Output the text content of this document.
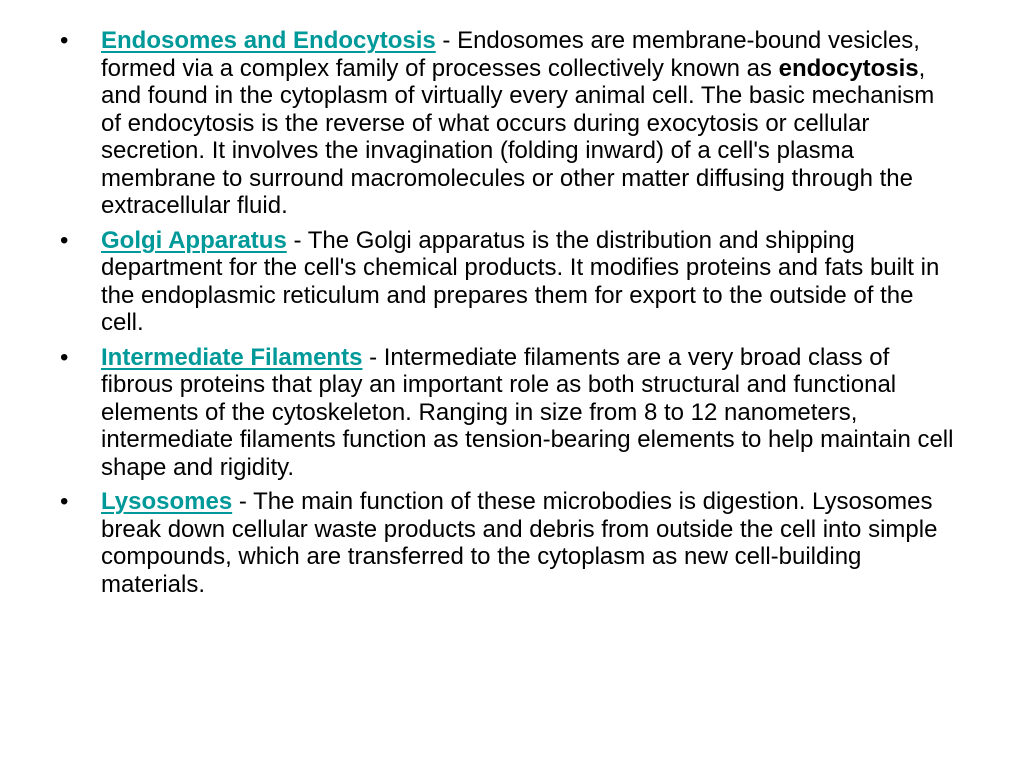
•	Endosomes and Endocytosis - Endosomes are membrane-bound vesicles, formed via a complex family of processes collectively known as endocytosis, and found in the cytoplasm of virtually every animal cell. The basic mechanism of endocytosis is the reverse of what occurs during exocytosis or cellular secretion. It involves the invagination (folding inward) of a cell's plasma membrane to surround macromolecules or other matter diffusing through the extracellular fluid.
•	Golgi Apparatus - The Golgi apparatus is the distribution and shipping department for the cell's chemical products. It modifies proteins and fats built in the endoplasmic reticulum and prepares them for export to the outside of the cell.
•	Intermediate Filaments - Intermediate filaments are a very broad class of fibrous proteins that play an important role as both structural and functional elements of the cytoskeleton. Ranging in size from 8 to 12 nanometers, intermediate filaments function as tension-bearing elements to help maintain cell shape and rigidity.
•	Lysosomes - The main function of these microbodies is digestion. Lysosomes break down cellular waste products and debris from outside the cell into simple compounds, which are transferred to the cytoplasm as new cell-building materials.
